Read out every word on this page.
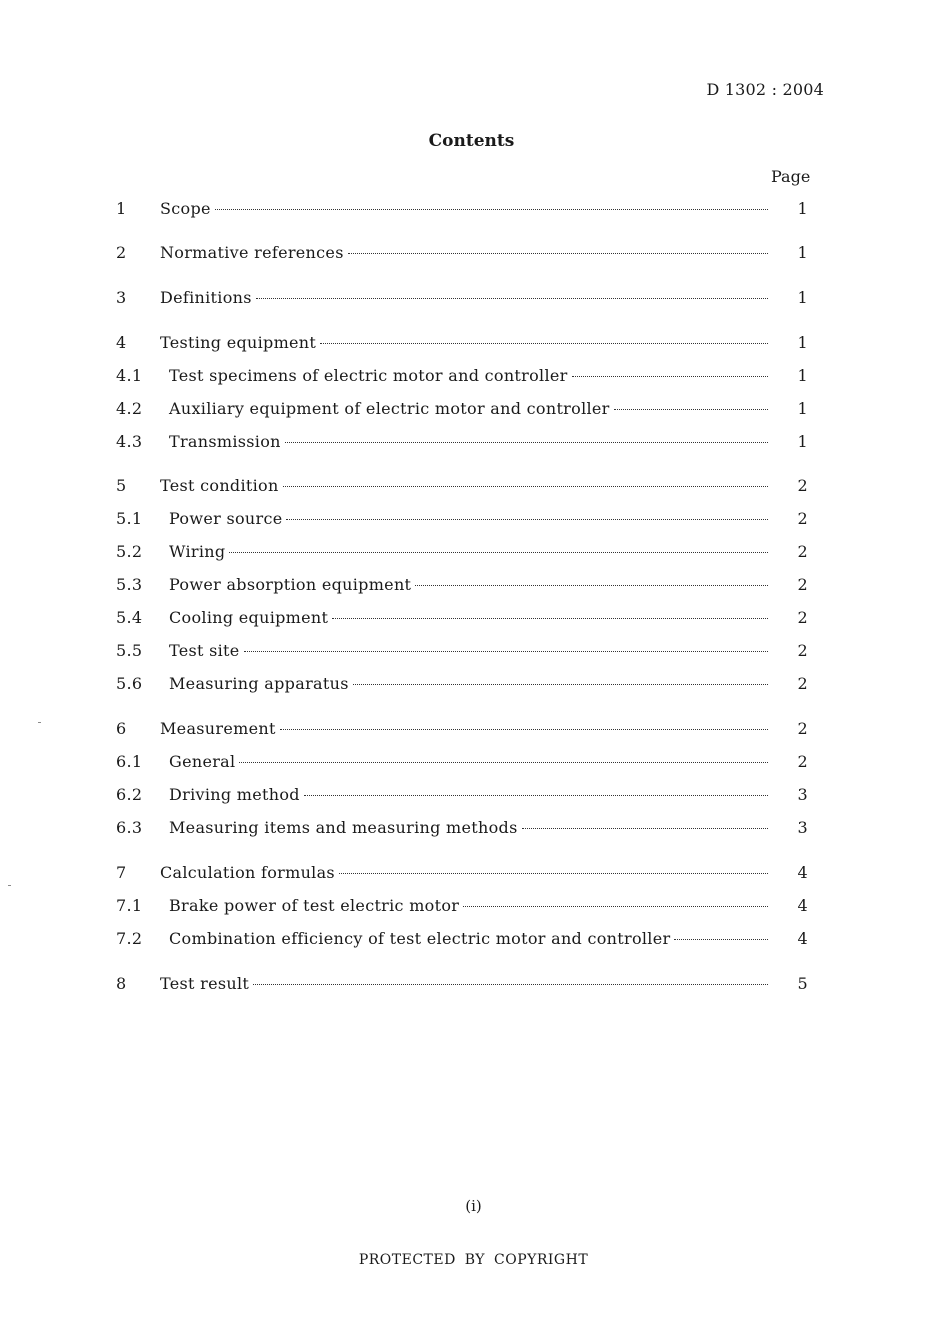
D 1302 : 2004
Contents
Page
1 Scope	1
2 Normative references	1
3 Definitions	1
4 Testing equipment	1
4.1 Test specimens of electric motor and controller	1
4.2 Auxiliary equipment of electric motor and controller	1
4.3 Transmission	1
5 Test condition	2
5.1 Power source	2
5.2 Wiring	2
5.3 Power absorption equipment	2
5.4 Cooling equipment	2
5.5 Test site	2
5.6 Measuring apparatus	2
6 Measurement	2
6.1 General	2
6.2 Driving method	3
6.3 Measuring items and measuring methods	3
7 Calculation formulas	4
7.1 Brake power of test electric motor	4
7.2 Combination efficiency of test electric motor and controller	4
8 Test result	5
(i)
PROTECTED BY COPYRIGHT
